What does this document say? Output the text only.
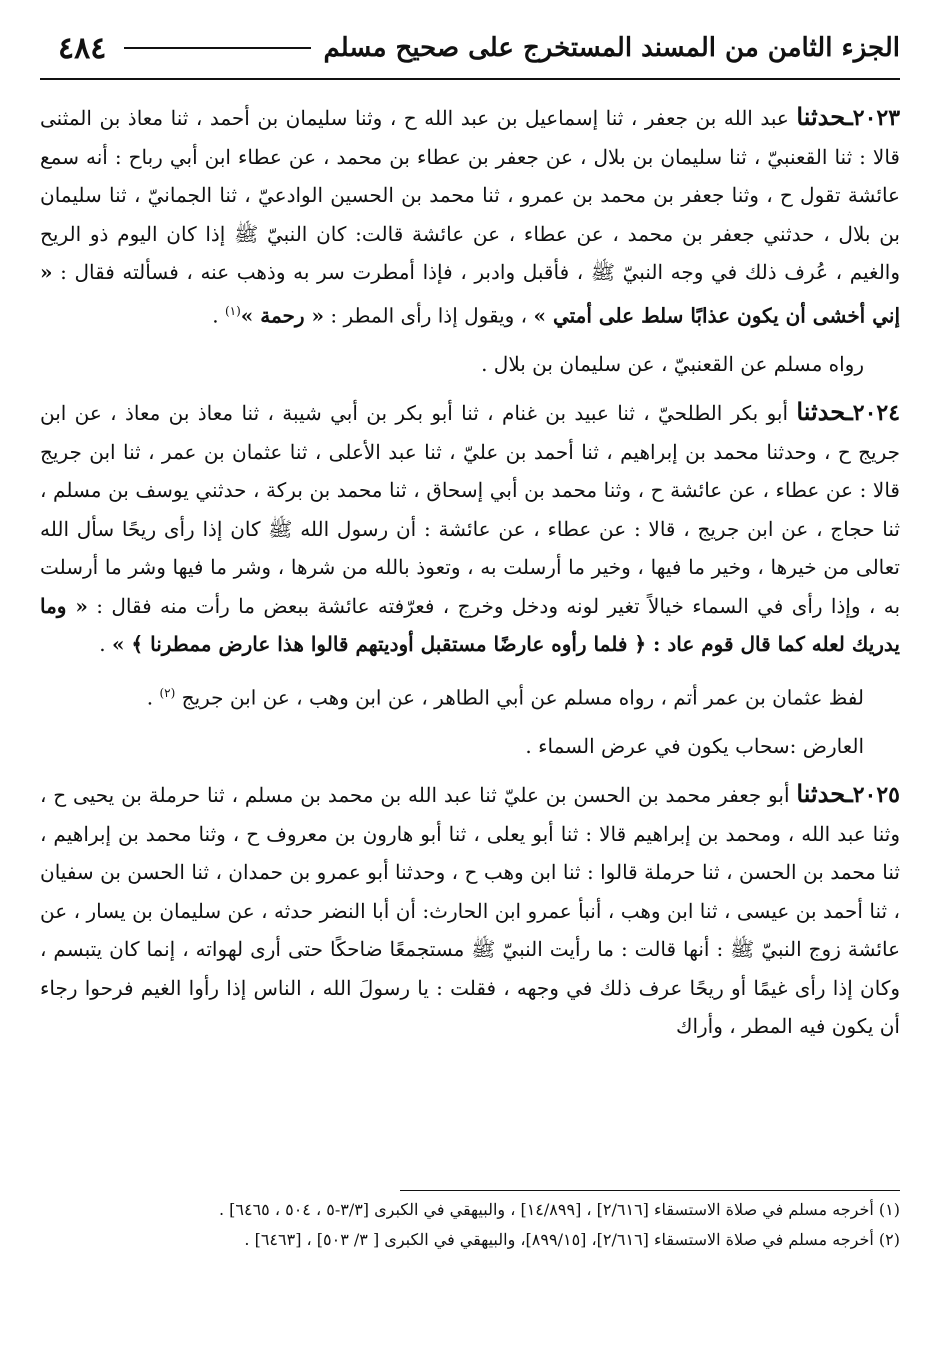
الجزء الثامن من المسند المستخرج على صحيح مسلم
٤٨٤

٢٠٢٣ـحدثنا عبد الله بن جعفر ، ثنا إسماعيل بن عبد الله ح ، وثنا سليمان بن أحمد ، ثنا معاذ بن المثنى قالا : ثنا القعنبيّ ، ثنا سليمان بن بلال ، عن جعفر بن عطاء بن محمد ، عن عطاء ابن أبي رباح : أنه سمع عائشة تقول ح ، وثنا جعفر بن محمد بن عمرو ، ثنا محمد بن الحسين الوادعيّ ، ثنا الجمانيّ ، ثنا سليمان بن بلال ، حدثني جعفر بن محمد ، عن عطاء ، عن عائشة قالت: كان النبيّ ﷺ إذا كان اليوم ذو الريح والغيم ، عُرف ذلك في وجه النبيّ ﷺ ، فأقبل وادبر ، فإذا أمطرت سر به وذهب عنه ، فسألته فقال : « إني أخشى أن يكون عذابًا سلط على أمتي » ، ويقول إذا رأى المطر : « رحمة »$^{(١)}$ .

رواه مسلم عن القعنبيّ ، عن سليمان بن بلال .

٢٠٢٤ـحدثنا أبو بكر الطلحيّ ، ثنا عبيد بن غنام ، ثنا أبو بكر بن أبي شيبة ، ثنا معاذ بن معاذ ، عن ابن جريج ح ، وحدثنا محمد بن إبراهيم ، ثنا أحمد بن عليّ ، ثنا عبد الأعلى ، ثنا عثمان بن عمر ، ثنا ابن جريج قالا : عن عطاء ، عن عائشة ح ، وثنا محمد بن أبي إسحاق ، ثنا محمد بن بركة ، حدثني يوسف بن مسلم ، ثنا حجاج ، عن ابن جريج ، قالا : عن عطاء ، عن عائشة : أن رسول الله ﷺ كان إذا رأى ريحًا سأل الله تعالى من خيرها ، وخير ما فيها ، وخير ما أرسلت به ، وتعوذ بالله من شرها ، وشر ما فيها وشر ما أرسلت به ، وإذا رأى في السماء خيالاً تغير لونه ودخل وخرج ، فعرّفته عائشة ببعض ما رأت منه فقال : « وما يدريك لعله كما قال قوم عاد : ﴿ فلما رأوه عارضًا مستقبل أوديتهم قالوا هذا عارض ممطرنا ﴾ » .

لفظ عثمان بن عمر أتم ، رواه مسلم عن أبي الطاهر ، عن ابن وهب ، عن ابن جريج $^{(٢)}$ .

العارض :سحاب يكون في عرض السماء .

٢٠٢٥ـحدثنا أبو جعفر محمد بن الحسن بن عليّ ثنا عبد الله بن محمد بن مسلم ، ثنا حرملة بن يحيى ح ، وثنا عبد الله ، ومحمد بن إبراهيم قالا : ثنا أبو يعلى ، ثنا أبو هارون بن معروف ح ، وثنا محمد بن إبراهيم ، ثنا محمد بن الحسن ، ثنا حرملة قالوا : ثنا ابن وهب ح ، وحدثنا أبو عمرو بن حمدان ، ثنا الحسن بن سفيان ، ثنا أحمد بن عيسى ، ثنا ابن وهب ، أنبأ عمرو ابن الحارث: أن أبا النضر حدثه ، عن سليمان بن يسار ، عن عائشة زوج النبيّ ﷺ : أنها قالت : ما رأيت النبيّ ﷺ مستجمعًا ضاحكًا حتى أرى لهواته ، إنما كان يتبسم ، وكان إذا رأى غيمًا أو ريحًا عرف ذلك في وجهه ، فقلت : يا رسولَ الله ، الناس إذا رأوا الغيم فرحوا رجاء أن يكون فيه المطر ، وأراك

(١) أخرجه مسلم في صلاة الاستسقاء [٢/٦١٦] ، [١٤/٨٩٩] ، والبيهقي في الكبرى [٣/٣-٥ ، ٥٠٤ ، ٦٤٦٥] .

(٢) أخرجه مسلم في صلاة الاستسقاء [٢/٦١٦]، [٨٩٩/١٥]، والبيهقي في الكبرى [ ٣/ ٥٠٣] ، [٦٤٦٣] .
